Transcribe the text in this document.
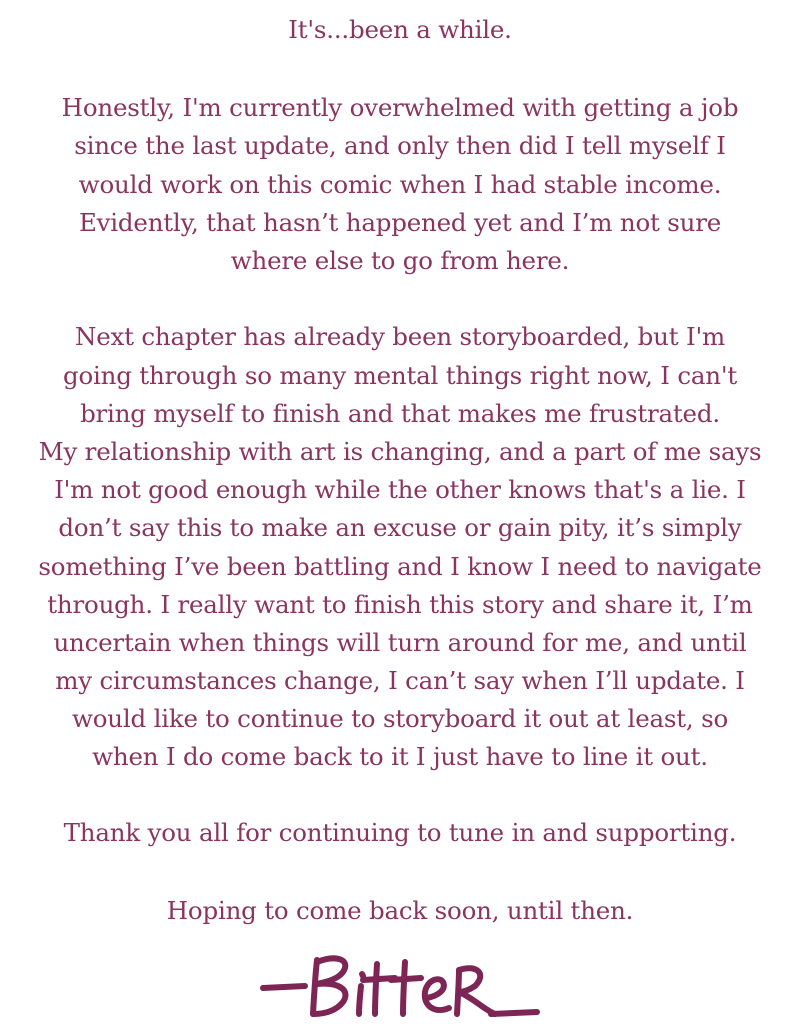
It's...been a while.
Honestly, I'm currently overwhelmed with getting a job
since the last update, and only then did I tell myself I
would work on this comic when I had stable income.
Evidently, that hasn’t happened yet and I’m not sure
where else to go from here.
Next chapter has already been storyboarded, but I'm
going through so many mental things right now, I can't
bring myself to finish and that makes me frustrated.
My relationship with art is changing, and a part of me says
I'm not good enough while the other knows that's a lie. I
don’t say this to make an excuse or gain pity, it’s simply
something I’ve been battling and I know I need to navigate
through. I really want to finish this story and share it, I’m
uncertain when things will turn around for me, and until
my circumstances change, I can’t say when I’ll update. I
would like to continue to storyboard it out at least, so
when I do come back to it I just have to line it out.
Thank you all for continuing to tune in and supporting.
Hoping to come back soon, until then.
